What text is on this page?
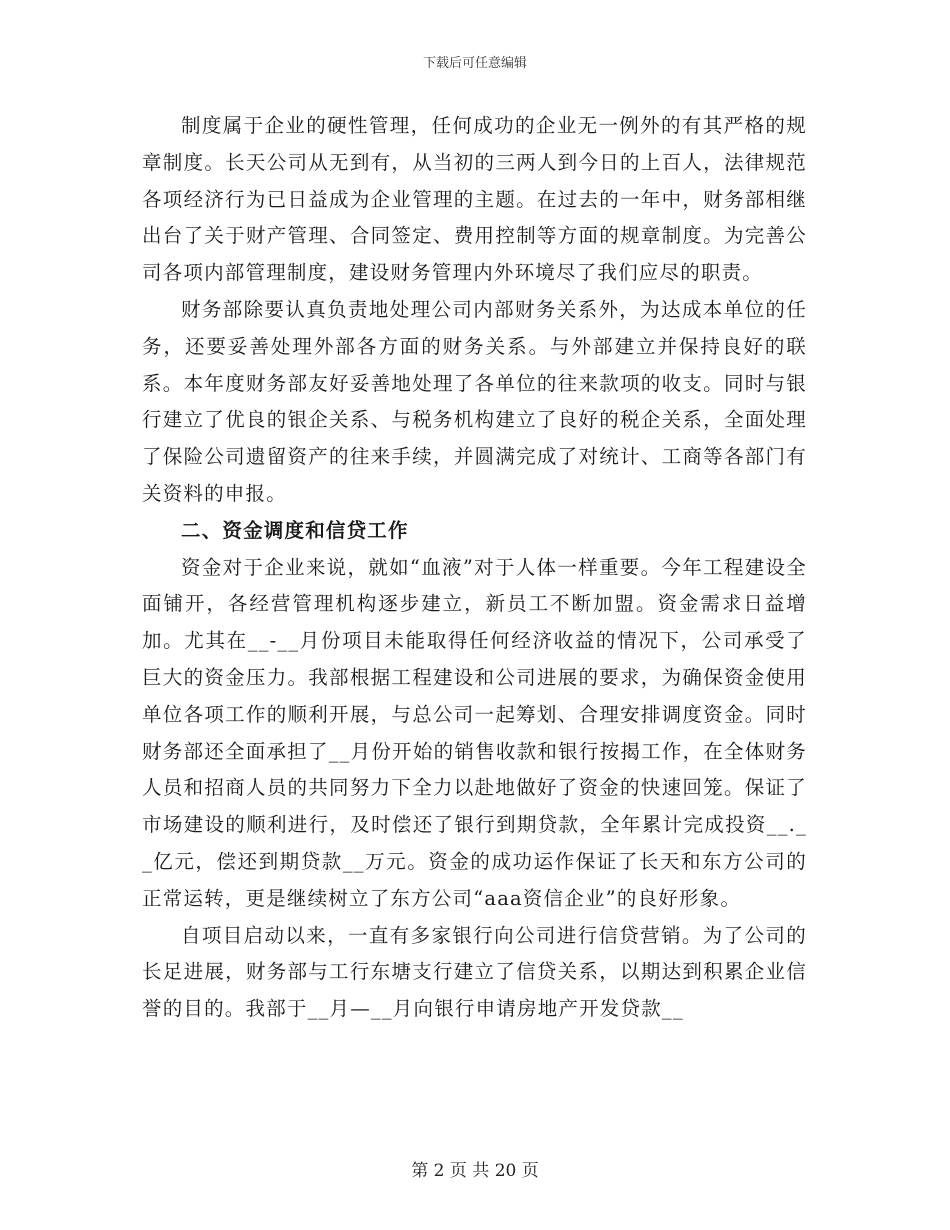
下载后可任意编辑

制度属于企业的硬性管理，任何成功的企业无一例外的有其严格的规章制度。长天公司从无到有，从当初的三两人到今日的上百人，法律规范各项经济行为已日益成为企业管理的主题。在过去的一年中，财务部相继出台了关于财产管理、合同签定、费用控制等方面的规章制度。为完善公司各项内部管理制度，建设财务管理内外环境尽了我们应尽的职责。

财务部除要认真负责地处理公司内部财务关系外，为达成本单位的任务，还要妥善处理外部各方面的财务关系。与外部建立并保持良好的联系。本年度财务部友好妥善地处理了各单位的往来款项的收支。同时与银行建立了优良的银企关系、与税务机构建立了良好的税企关系，全面处理了保险公司遗留资产的往来手续，并圆满完成了对统计、工商等各部门有关资料的申报。

二、资金调度和信贷工作

资金对于企业来说，就如“血液”对于人体一样重要。今年工程建设全面铺开，各经营管理机构逐步建立，新员工不断加盟。资金需求日益增加。尤其在__-__月份项目未能取得任何经济收益的情况下，公司承受了巨大的资金压力。我部根据工程建设和公司进展的要求，为确保资金使用单位各项工作的顺利开展，与总公司一起筹划、合理安排调度资金。同时财务部还全面承担了__月份开始的销售收款和银行按揭工作，在全体财务人员和招商人员的共同努力下全力以赴地做好了资金的快速回笼。保证了市场建设的顺利进行，及时偿还了银行到期贷款，全年累计完成投资__.__亿元，偿还到期贷款__万元。资金的成功运作保证了长天和东方公司的正常运转，更是继续树立了东方公司“aaa资信企业”的良好形象。

自项目启动以来，一直有多家银行向公司进行信贷营销。为了公司的长足进展，财务部与工行东塘支行建立了信贷关系，以期达到积累企业信誉的目的。我部于__月—__月向银行申请房地产开发贷款__

第 2 页 共 20 页
